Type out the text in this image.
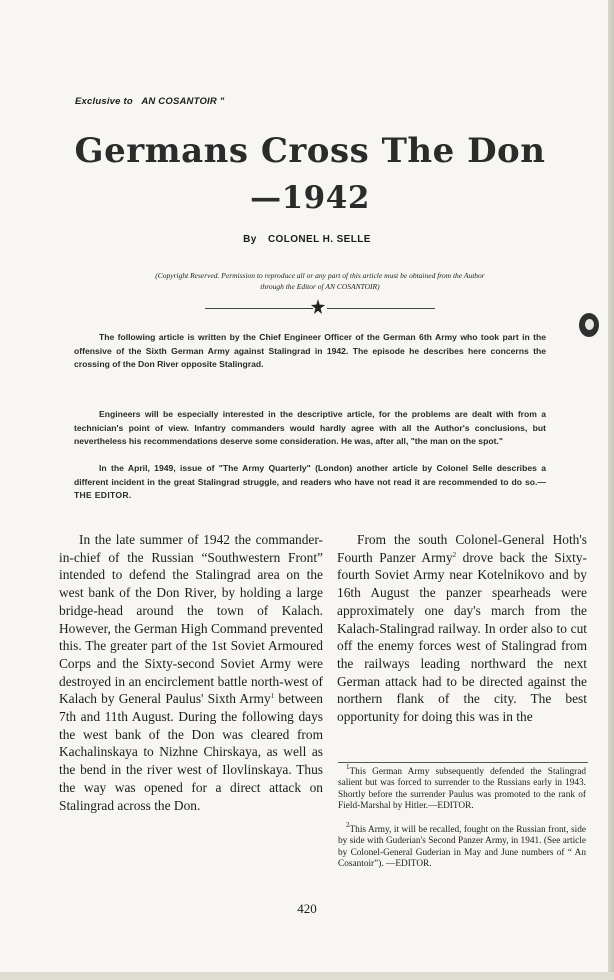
Exclusive to AN COSANTOIR "
Germans Cross The Don
—1942
By COLONEL H. SELLE
(Copyright Reserved. Permission to reproduce all or any part of this article must be obtained from the Author through the Editor of AN COSANTOIR)

The following article is written by the Chief Engineer Officer of the German 6th Army who took part in the offensive of the Sixth German Army against Stalingrad in 1942. The episode he describes here concerns the crossing of the Don River opposite Stalingrad.

Engineers will be especially interested in the descriptive article, for the problems are dealt with from a technician's point of view. Infantry commanders would hardly agree with all the Author's conclusions, but nevertheless his recommendations deserve some consideration. He was, after all, "the man on the spot."

In the April, 1949, issue of "The Army Quarterly" (London) another article by Colonel Selle describes a different incident in the great Stalingrad struggle, and readers who have not read it are recommended to do so.—THE EDITOR.

In the late summer of 1942 the commander-in-chief of the Russian “Southwestern Front” intended to defend the Stalingrad area on the west bank of the Don River, by holding a large bridge-head around the town of Kalach. However, the German High Command prevented this. The greater part of the 1st Soviet Armoured Corps and the Sixty-second Soviet Army were destroyed in an encirclement battle north-west of Kalach by General Paulus' Sixth Army$^1$ between 7th and 11th August. During the following days the west bank of the Don was cleared from Kachalinskaya to Nizhne Chirskaya, as well as the bend in the river west of Ilovlinskaya. Thus the way was opened for a direct attack on Stalingrad across the Don.

From the south Colonel-General Hoth's Fourth Panzer Army$^2$ drove back the Sixty-fourth Soviet Army near Kotelnikovo and by 16th August the panzer spearheads were approximately one day's march from the Kalach-Stalingrad railway. In order also to cut off the enemy forces west of Stalingrad from the railways leading northward the next German attack had to be directed against the northern flank of the city. The best opportunity for doing this was in the

$^1$This German Army subsequently defended the Stalingrad salient but was forced to surrender to the Russians early in 1943. Shortly before the surrender Paulus was promoted to the rank of Field-Marshal by Hitler.—EDITOR.

$^2$This Army, it will be recalled, fought on the Russian front, side by side with Guderian's Second Panzer Army, in 1941. (See article by Colonel-General Guderian in May and June numbers of “ An Cosantoir”). —EDITOR.

420
